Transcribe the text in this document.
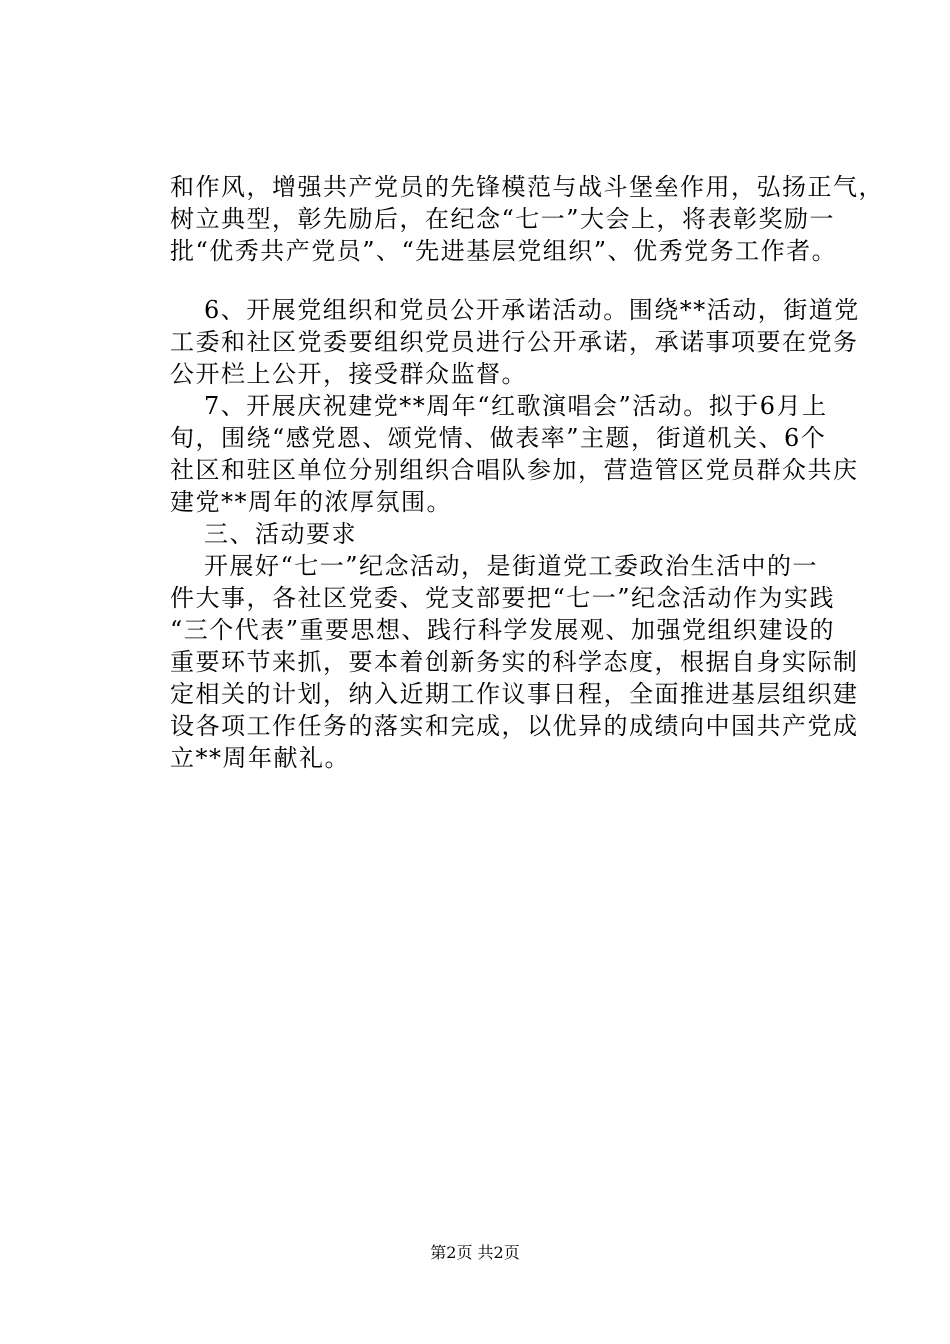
和作风，增强共产党员的先锋模范与战斗堡垒作用，弘扬正气，
树立典型，彰先励后，在纪念“七一”大会上，将表彰奖励一
批“优秀共产党员”、“先进基层党组织”、优秀党务工作者。
6、开展党组织和党员公开承诺活动。围绕**活动，街道党
工委和社区党委要组织党员进行公开承诺，承诺事项要在党务
公开栏上公开，接受群众监督。
7、开展庆祝建党**周年“红歌演唱会”活动。拟于6月上
旬，围绕“感党恩、颂党情、做表率”主题，街道机关、6个
社区和驻区单位分别组织合唱队参加，营造管区党员群众共庆
建党**周年的浓厚氛围。
三、活动要求
开展好“七一”纪念活动，是街道党工委政治生活中的一
件大事，各社区党委、党支部要把“七一”纪念活动作为实践
“三个代表”重要思想、践行科学发展观、加强党组织建设的
重要环节来抓，要本着创新务实的科学态度，根据自身实际制
定相关的计划，纳入近期工作议事日程，全面推进基层组织建
设各项工作任务的落实和完成，以优异的成绩向中国共产党成
立**周年献礼。
第2页 共2页
